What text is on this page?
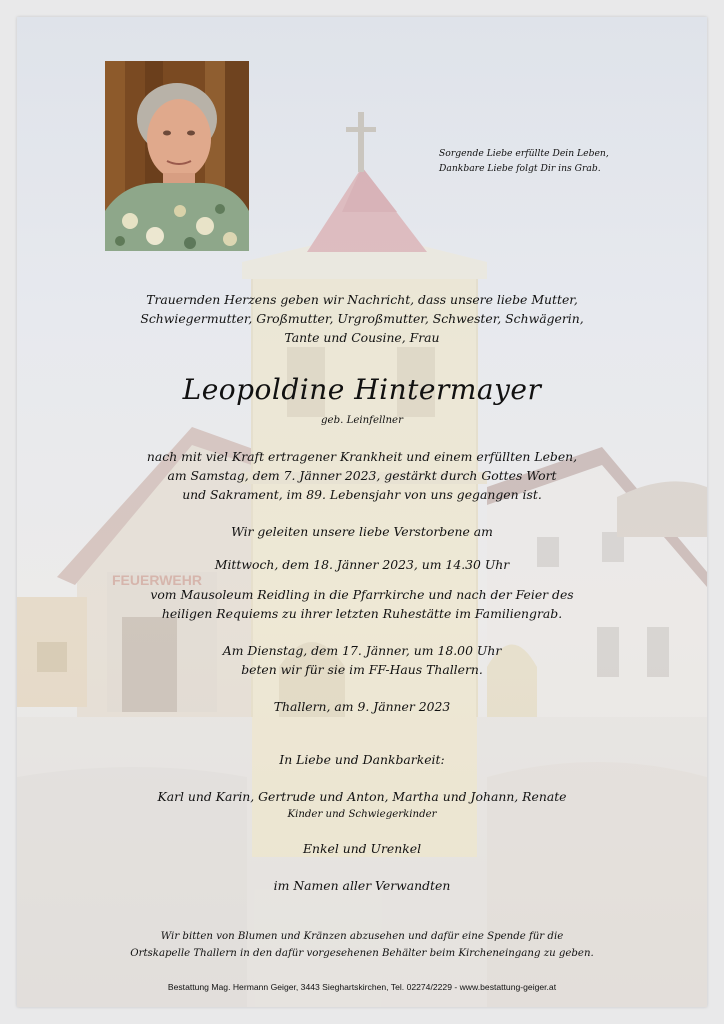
FEUERWEHR
Sorgende Liebe erfüllte Dein Leben,
Dankbare Liebe folgt Dir ins Grab.
Trauernden Herzens geben wir Nachricht, dass unsere liebe Mutter,
Schwiegermutter, Großmutter, Urgroßmutter, Schwester, Schwägerin,
Tante und Cousine, Frau
Leopoldine Hintermayer
geb. Leinfellner
nach mit viel Kraft ertragener Krankheit und einem erfüllten Leben,
am Samstag, dem 7. Jänner 2023, gestärkt durch Gottes Wort
und Sakrament, im 89. Lebensjahr von uns gegangen ist.
Wir geleiten unsere liebe Verstorbene am
Mittwoch, dem 18. Jänner 2023, um 14.30 Uhr
vom Mausoleum Reidling in die Pfarrkirche und nach der Feier des
heiligen Requiems zu ihrer letzten Ruhestätte im Familiengrab.
Am Dienstag, dem 17. Jänner, um 18.00 Uhr
beten wir für sie im FF-Haus Thallern.
Thallern, am 9. Jänner 2023
In Liebe und Dankbarkeit:
Karl und Karin, Gertrude und Anton, Martha und Johann, Renate
Kinder und Schwiegerkinder
Enkel und Urenkel
im Namen aller Verwandten
Wir bitten von Blumen und Kränzen abzusehen und dafür eine Spende für die
Ortskapelle Thallern in den dafür vorgesehenen Behälter beim Kircheneingang zu geben.
Bestattung Mag. Hermann Geiger, 3443 Sieghartskirchen, Tel. 02274/2229 - www.bestattung-geiger.at
